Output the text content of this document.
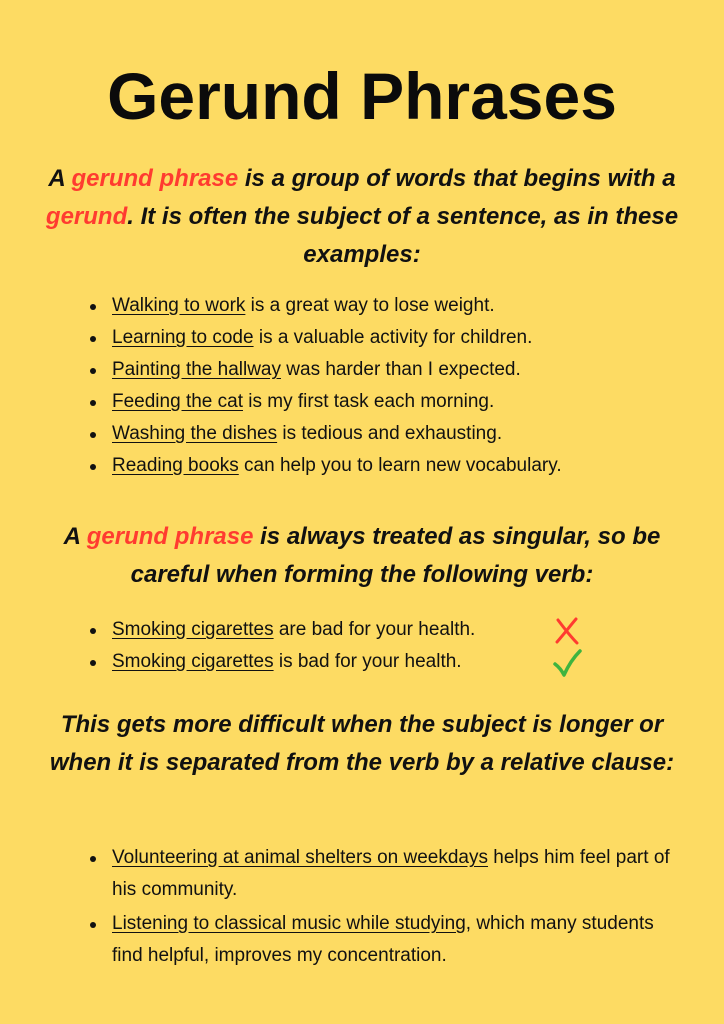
Gerund Phrases
A gerund phrase is a group of words that begins with a gerund. It is often the subject of a sentence, as in these examples:
Walking to work is a great way to lose weight.
Learning to code is a valuable activity for children.
Painting the hallway was harder than I expected.
Feeding the cat is my first task each morning.
Washing the dishes is tedious and exhausting.
Reading books can help you to learn new vocabulary.
A gerund phrase is always treated as singular, so be careful when forming the following verb:
Smoking cigarettes are bad for your health.
Smoking cigarettes is bad for your health.
This gets more difficult when the subject is longer or when it is separated from the verb by a relative clause:
Volunteering at animal shelters on weekdays helps him feel part of his community.
Listening to classical music while studying, which many students find helpful, improves my concentration.
